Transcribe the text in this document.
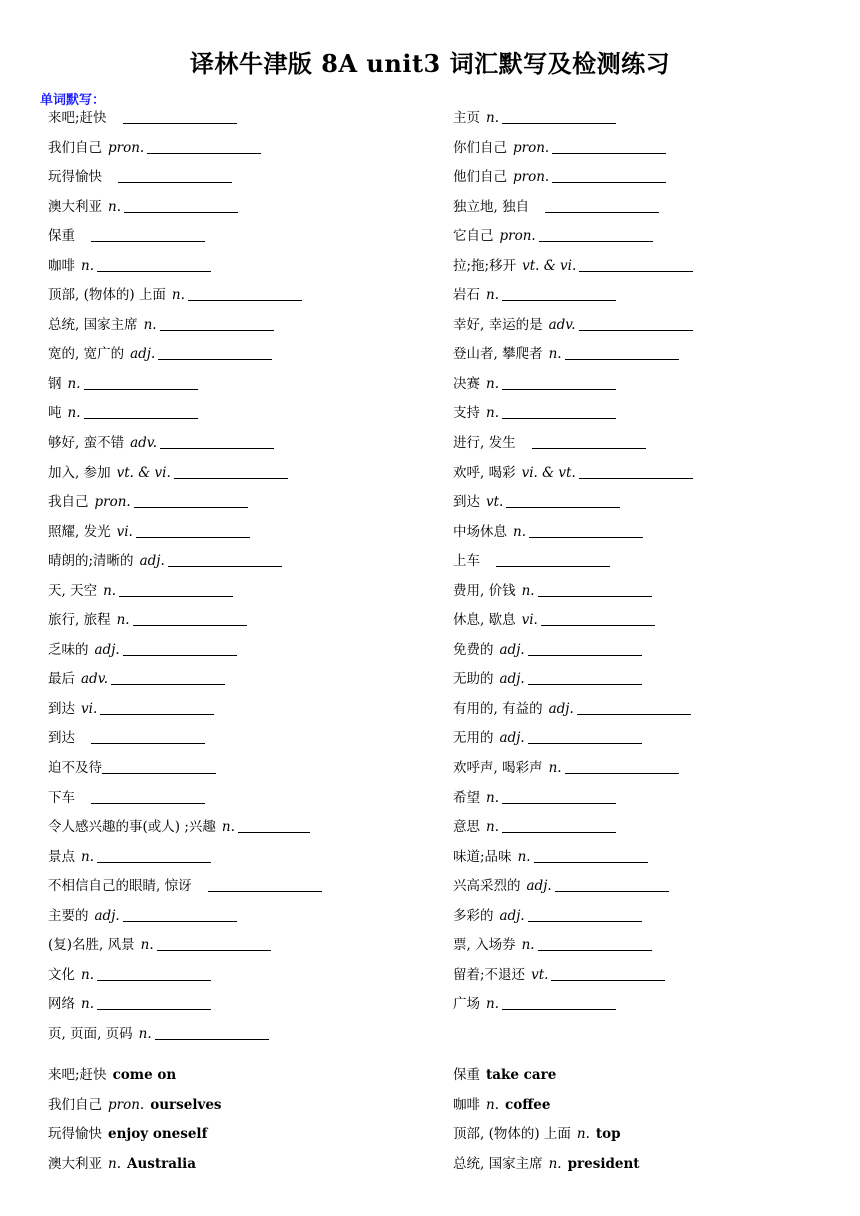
译林牛津版 8A unit3 词汇默写及检测练习
单词默写：
来吧;赶快
我们自己 pron.
玩得愉快
澳大利亚 n.
保重
咖啡 n.
顶部, (物体的) 上面 n.
总统, 国家主席 n.
宽的, 宽广的 adj.
钢 n.
吨 n.
够好, 蛮不错 adv.
加入, 参加 vt. & vi.
我自己 pron.
照耀, 发光 vi.
晴朗的;清晰的 adj.
天, 天空 n.
旅行, 旅程 n.
乏味的 adj.
最后 adv.
到达 vi.
到达
迫不及待
下车
令人感兴趣的事(或人) ;兴趣 n.
景点 n.
不相信自己的眼睛, 惊讶
主要的 adj.
(复)名胜, 风景 n.
文化 n.
网络 n.
页, 页面, 页码 n.
主页 n.
你们自己 pron.
他们自己 pron.
独立地, 独自
它自己 pron.
拉;拖;移开 vt. & vi.
岩石 n.
幸好, 幸运的是 adv.
登山者, 攀爬者 n.
决赛 n.
支持 n.
进行, 发生
欢呼, 喝彩 vi. & vt.
到达 vt.
中场休息 n.
上车
费用, 价钱 n.
休息, 歇息 vi.
免费的 adj.
无助的 adj.
有用的, 有益的 adj.
无用的 adj.
欢呼声, 喝彩声 n.
希望 n.
意思 n.
味道;品味 n.
兴高采烈的 adj.
多彩的 adj.
票, 入场券 n.
留着;不退还 vt.
广场 n.
来吧;赶快 come on
我们自己 pron. ourselves
玩得愉快 enjoy oneself
澳大利亚 n. Australia
保重 take care
咖啡 n. coffee
顶部, (物体的) 上面 n. top
总统, 国家主席 n. president
